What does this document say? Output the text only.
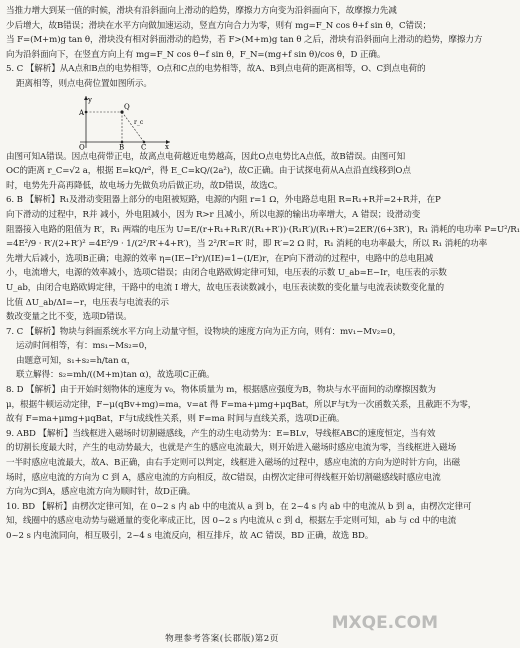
当推力增大到某一值的时候，滑块有沿斜面向上滑动的趋势，摩擦力方向变为沿斜面向下，故摩擦力先减
少后增大，故B错误；滑块在水平方向做加速运动，竖直方向合力为零，则有 mg=F_N cos θ+f sin θ，C错误；
当 F=(M+m)g tan θ，滑块没有相对斜面滑动的趋势，若 F>(M+m)g tan θ 之后，滑块有沿斜面向上滑动的趋势，摩擦力方
向为沿斜面向下，在竖直方向上有 mg=F_N cos θ−f sin θ，F_N=(mg+f sin θ)/cos θ，D 正确。
5. C 【解析】从A点和B点的电势相等，O点和C点的电势相等，故A、B到点电荷的距离相等，O、C到点电荷的
距离相等，则点电荷位置如图所示。
y
x
A
B C
O
Q
r_c
由图可知A错误。因点电荷带正电，故离点电荷越近电势越高，因此O点电势比A点低，故B错误。由图可知
OC的距离 r_C=√2 a，根据 E=kQ/r²，得 E_C=kQ/(2a²)，故C正确。由于试探电荷从A点沿直线移到O点
时，电势先升高再降低，故电场力先做负功后做正功，故D错误，故选C。
6. B 【解析】R₁及滑动变阻器上部分的电阻被短路，电源的内阻 r=1 Ω，外电路总电阻 R=R₁+R并=2+R并，在P
向下滑动的过程中，R并 减小，外电阻减小，因为 R>r 且减小，所以电源的输出功率增大，A 错误；设滑动变
阻器接入电路的阻值为 R′，R₁ 两端的电压为 U=E/(r+R₁+R₁R′/(R₁+R′))·(R₁R′)/(R₁+R′)=2ER′/(6+3R′)，R₁ 消耗的电功率 P=U²/R₁
=4E²/9 · R′/(2+R′)² =4E²/9 · 1/(2²/R′+4+R′)，当 2²/R′=R′ 时，即 R′=2 Ω 时，R₁ 消耗的电功率最大，所以 R₁ 消耗的功率
先增大后减小，选项B正确；电源的效率 η=(IE−I²r)/(IE)=1−(I/E)r，在P向下滑动的过程中，电路中的总电阻减
小，电流增大，电源的效率减小，选项C错误；由闭合电路欧姆定律可知，电压表的示数 U_ab=E−Ir，电压表的示数
U_ab，由闭合电路欧姆定律，干路中的电流 I 增大，故电压表读数减小，电压表读数的变化量与电流表读数变化量的
比值 ΔU_ab/ΔI=−r，电压表与电流表的示
数改变量之比不变，选项D错误。
7. C 【解析】物块与斜面系统水平方向上动量守恒，设物块的速度方向为正方向，则有：mv₁−Mv₂=0，
运动时间相等，有：ms₁−Ms₂=0，
由题意可知，s₁+s₂=h/tan α，
联立解得：s₂=mh/((M+m)tan α)，故选项C正确。
8. D 【解析】由于开始时刻物体的速度为 v₀，物体质量为 m，根据感应强度为B，物块与水平面间的动摩擦因数为
μ，根据牛顿运动定律，F−μ(qBv+mg)=ma，v=at 得 F=ma+μmg+μqBat，所以F与t为一次函数关系，且截距不为零，
故有 F=ma+μmg+μqBat，F与t成线性关系，则 F=ma 时间与直线关系，选项D正确。
9. ABD 【解析】当线框进入磁场时切割磁感线，产生的动生电动势为：E=BLv，导线框ABC的速度恒定，当有效
的切割长度最大时，产生的电动势最大，也就是产生的感应电流最大，则开始进入磁场时感应电流为零，当线框进入磁场
一半时感应电流最大，故A、B正确，由右手定则可以判定，线框进入磁场的过程中，感应电流的方向为逆时针方向，出磁
场时，感应电流的方向为 C 到 A，感应电流的方向相反，故C错误，由楞次定律可得线框开始切割磁感线时感应电流
方向为C到A，感应电流方向为顺时针，故D正确。
10. BD 【解析】由楞次定律可知，在 0~2 s 内 ab 中的电流从 a 到 b，在 2~4 s 内 ab 中的电流从 b 到 a，由楞次定律可
知，线圈中的感应电动势与磁通量的变化率成正比，因 0~2 s 内电流从 c 到 d，根据左手定则可知，ab 与 cd 中的电流
0~2 s 内电流同向，相互吸引，2~4 s 电流反向，相互排斥，故 AC 错误，BD 正确，故选 BD。
MXQE.COM
物理参考答案(长郡版)第2页
